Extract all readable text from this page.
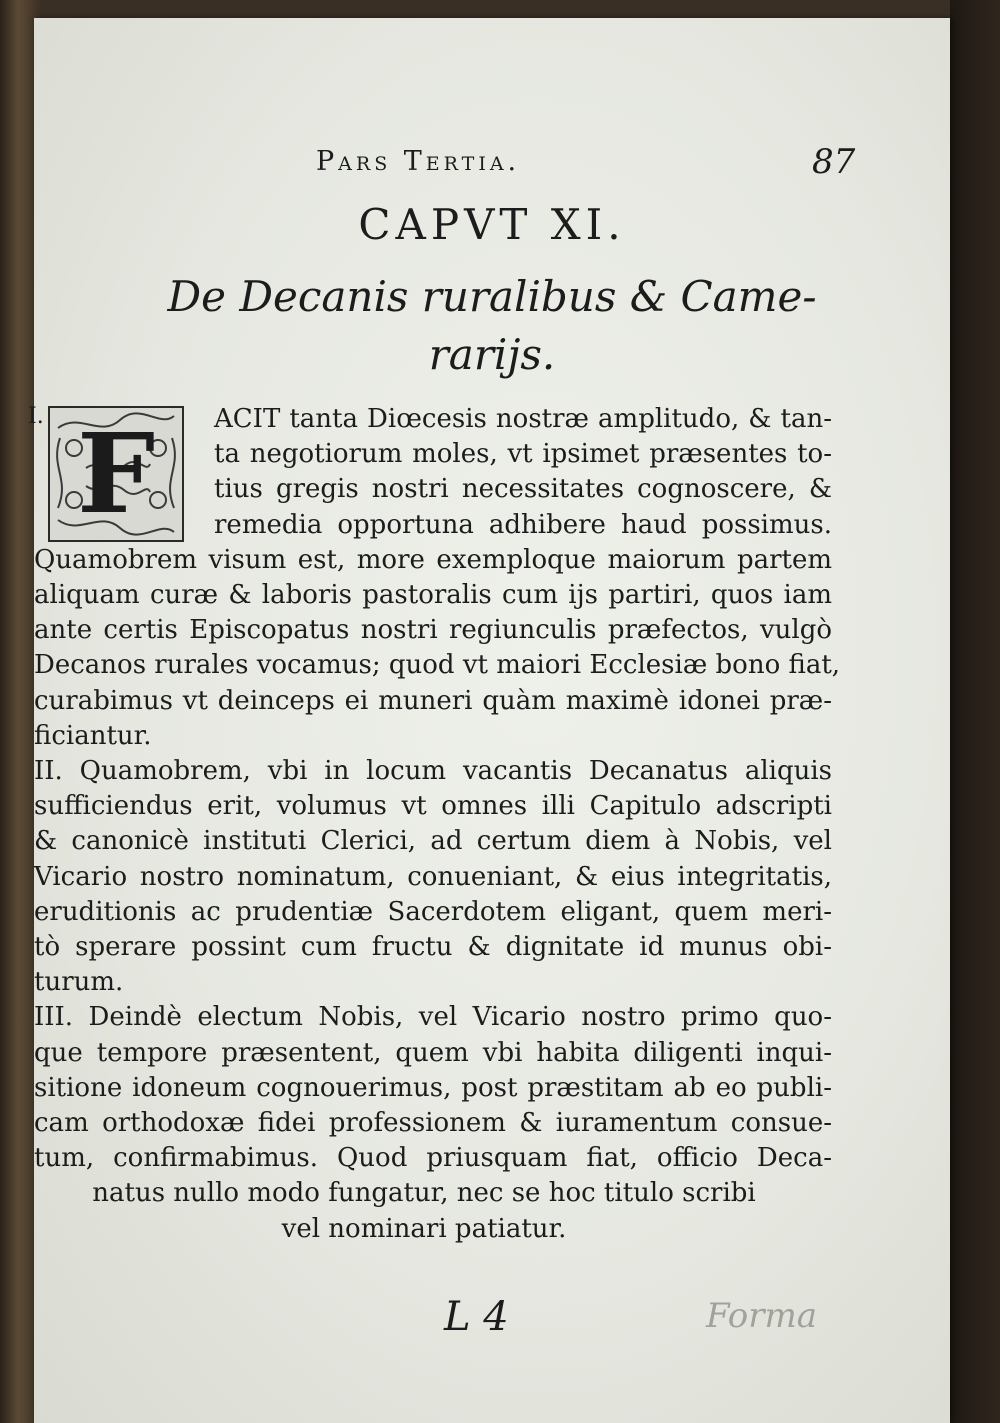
Pars Tertia.	87
CAPVT XI.
De Decanis ruralibus & Came-
rarijs.
F	ACIT tanta Diœcesis nostræ amplitudo, & tan-
ta negotiorum moles, vt ipsimet præsentes to-
tius gregis nostri necessitates cognoscere, &
remedia opportuna adhibere haud possimus.
Quamobrem visum est, more exemploque maiorum partem
aliquam curæ & laboris pastoralis cum ijs partiri, quos iam
ante certis Episcopatus nostri regiunculis præfectos, vulgò
Decanos rurales vocamus; quod vt maiori Ecclesiæ bono fiat,
curabimus vt deinceps ei muneri quàm maximè idonei præ-
ficiantur.
II. Quamobrem, vbi in locum vacantis Decanatus aliquis
sufficiendus erit, volumus vt omnes illi Capitulo adscripti
& canonicè instituti Clerici, ad certum diem à Nobis, vel
Vicario nostro nominatum, conueniant, & eius integritatis,
eruditionis ac prudentiæ Sacerdotem eligant, quem meri-
tò sperare possint cum fructu & dignitate id munus obi-
turum.
III. Deindè electum Nobis, vel Vicario nostro primo quo-
que tempore præsentent, quem vbi habita diligenti inqui-
sitione idoneum cognouerimus, post præstitam ab eo publi-
cam orthodoxæ fidei professionem & iuramentum consue-
tum, confirmabimus. Quod priusquam fiat, officio Deca-
natus nullo modo fungatur, nec se hoc titulo scribi
vel nominari patiatur.
L 4	Forma
I.
